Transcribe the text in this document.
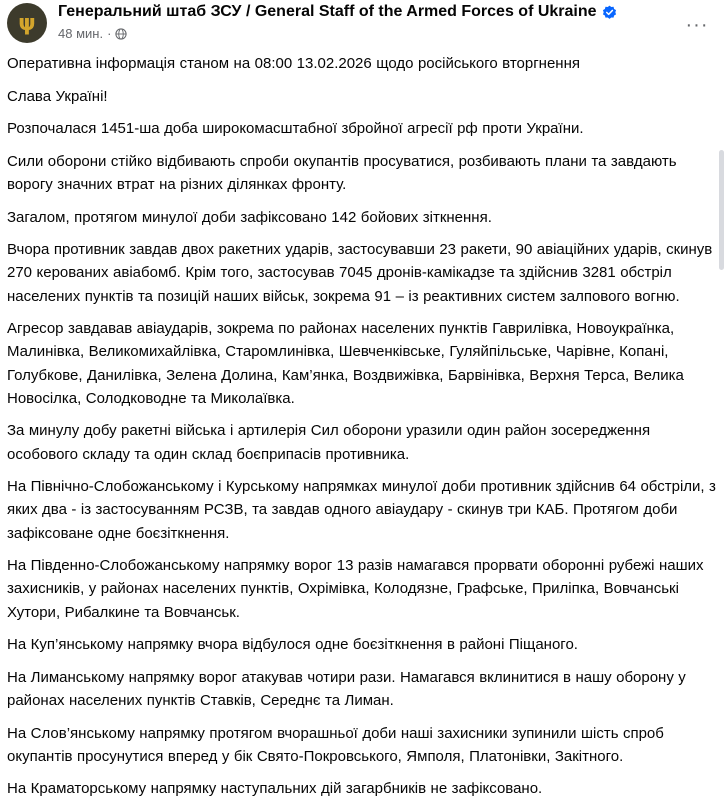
ψ Генеральний штаб ЗСУ / General Staff of the Armed Forces of Ukraine
48 мин. ·	···

Оперативна інформація станом на 08:00 13.02.2026 щодо російського вторгнення

Слава Україні!

Розпочалася 1451-ша доба широкомасштабної збройної агресії рф проти України.

Сили оборони стійко відбивають спроби окупантів просуватися, розбивають плани та завдають ворогу значних втрат на різних ділянках фронту.

Загалом, протягом минулої доби зафіксовано 142 бойових зіткнення.

Вчора противник завдав двох ракетних ударів, застосувавши 23 ракети, 90 авіаційних ударів, скинув 270 керованих авіабомб. Крім того, застосував 7045 дронів-камікадзе та здійснив 3281 обстріл населених пунктів та позицій наших військ, зокрема 91 – із реактивних систем залпового вогню.

Агресор завдавав авіаударів, зокрема по районах населених пунктів Гаврилівка, Новоукраїнка, Малинівка, Великомихайлівка, Старомлинівка, Шевченківське, Гуляйпільське, Чарівне, Копані, Голубкове, Данилівка, Зелена Долина, Кам’янка, Воздвижівка, Барвінівка, Верхня Терса, Велика Новосілка, Солодководне та Миколаївка.

За минулу добу ракетні війська і артилерія Сил оборони уразили один район зосередження особового складу та один склад боєприпасів противника.

На Північно-Слобожанському і Курському напрямках минулої доби противник здійснив 64 обстріли, з яких два - із застосуванням РСЗВ, та завдав одного авіаудару - скинув три КАБ. Протягом доби зафіксоване одне боєзіткнення.

На Південно-Слобожанському напрямку ворог 13 разів намагався прорвати оборонні рубежі наших захисників, у районах населених пунктів, Охрімівка, Колодязне, Графське, Приліпка, Вовчанські Хутори, Рибалкине та Вовчанськ.

На Куп’янському напрямку вчора відбулося одне боєзіткнення в районі Піщаного.

На Лиманському напрямку ворог атакував чотири рази. Намагався вклинитися в нашу оборону у районах населених пунктів Ставків, Середнє та Лиман.

На Слов’янському напрямку протягом вчорашньої доби наші захисники зупинили шість спроб окупантів просунутися вперед у бік Свято-Покровського, Ямполя, Платонівки, Закітного.

На Краматорському напрямку наступальних дій загарбників не зафіксовано.
